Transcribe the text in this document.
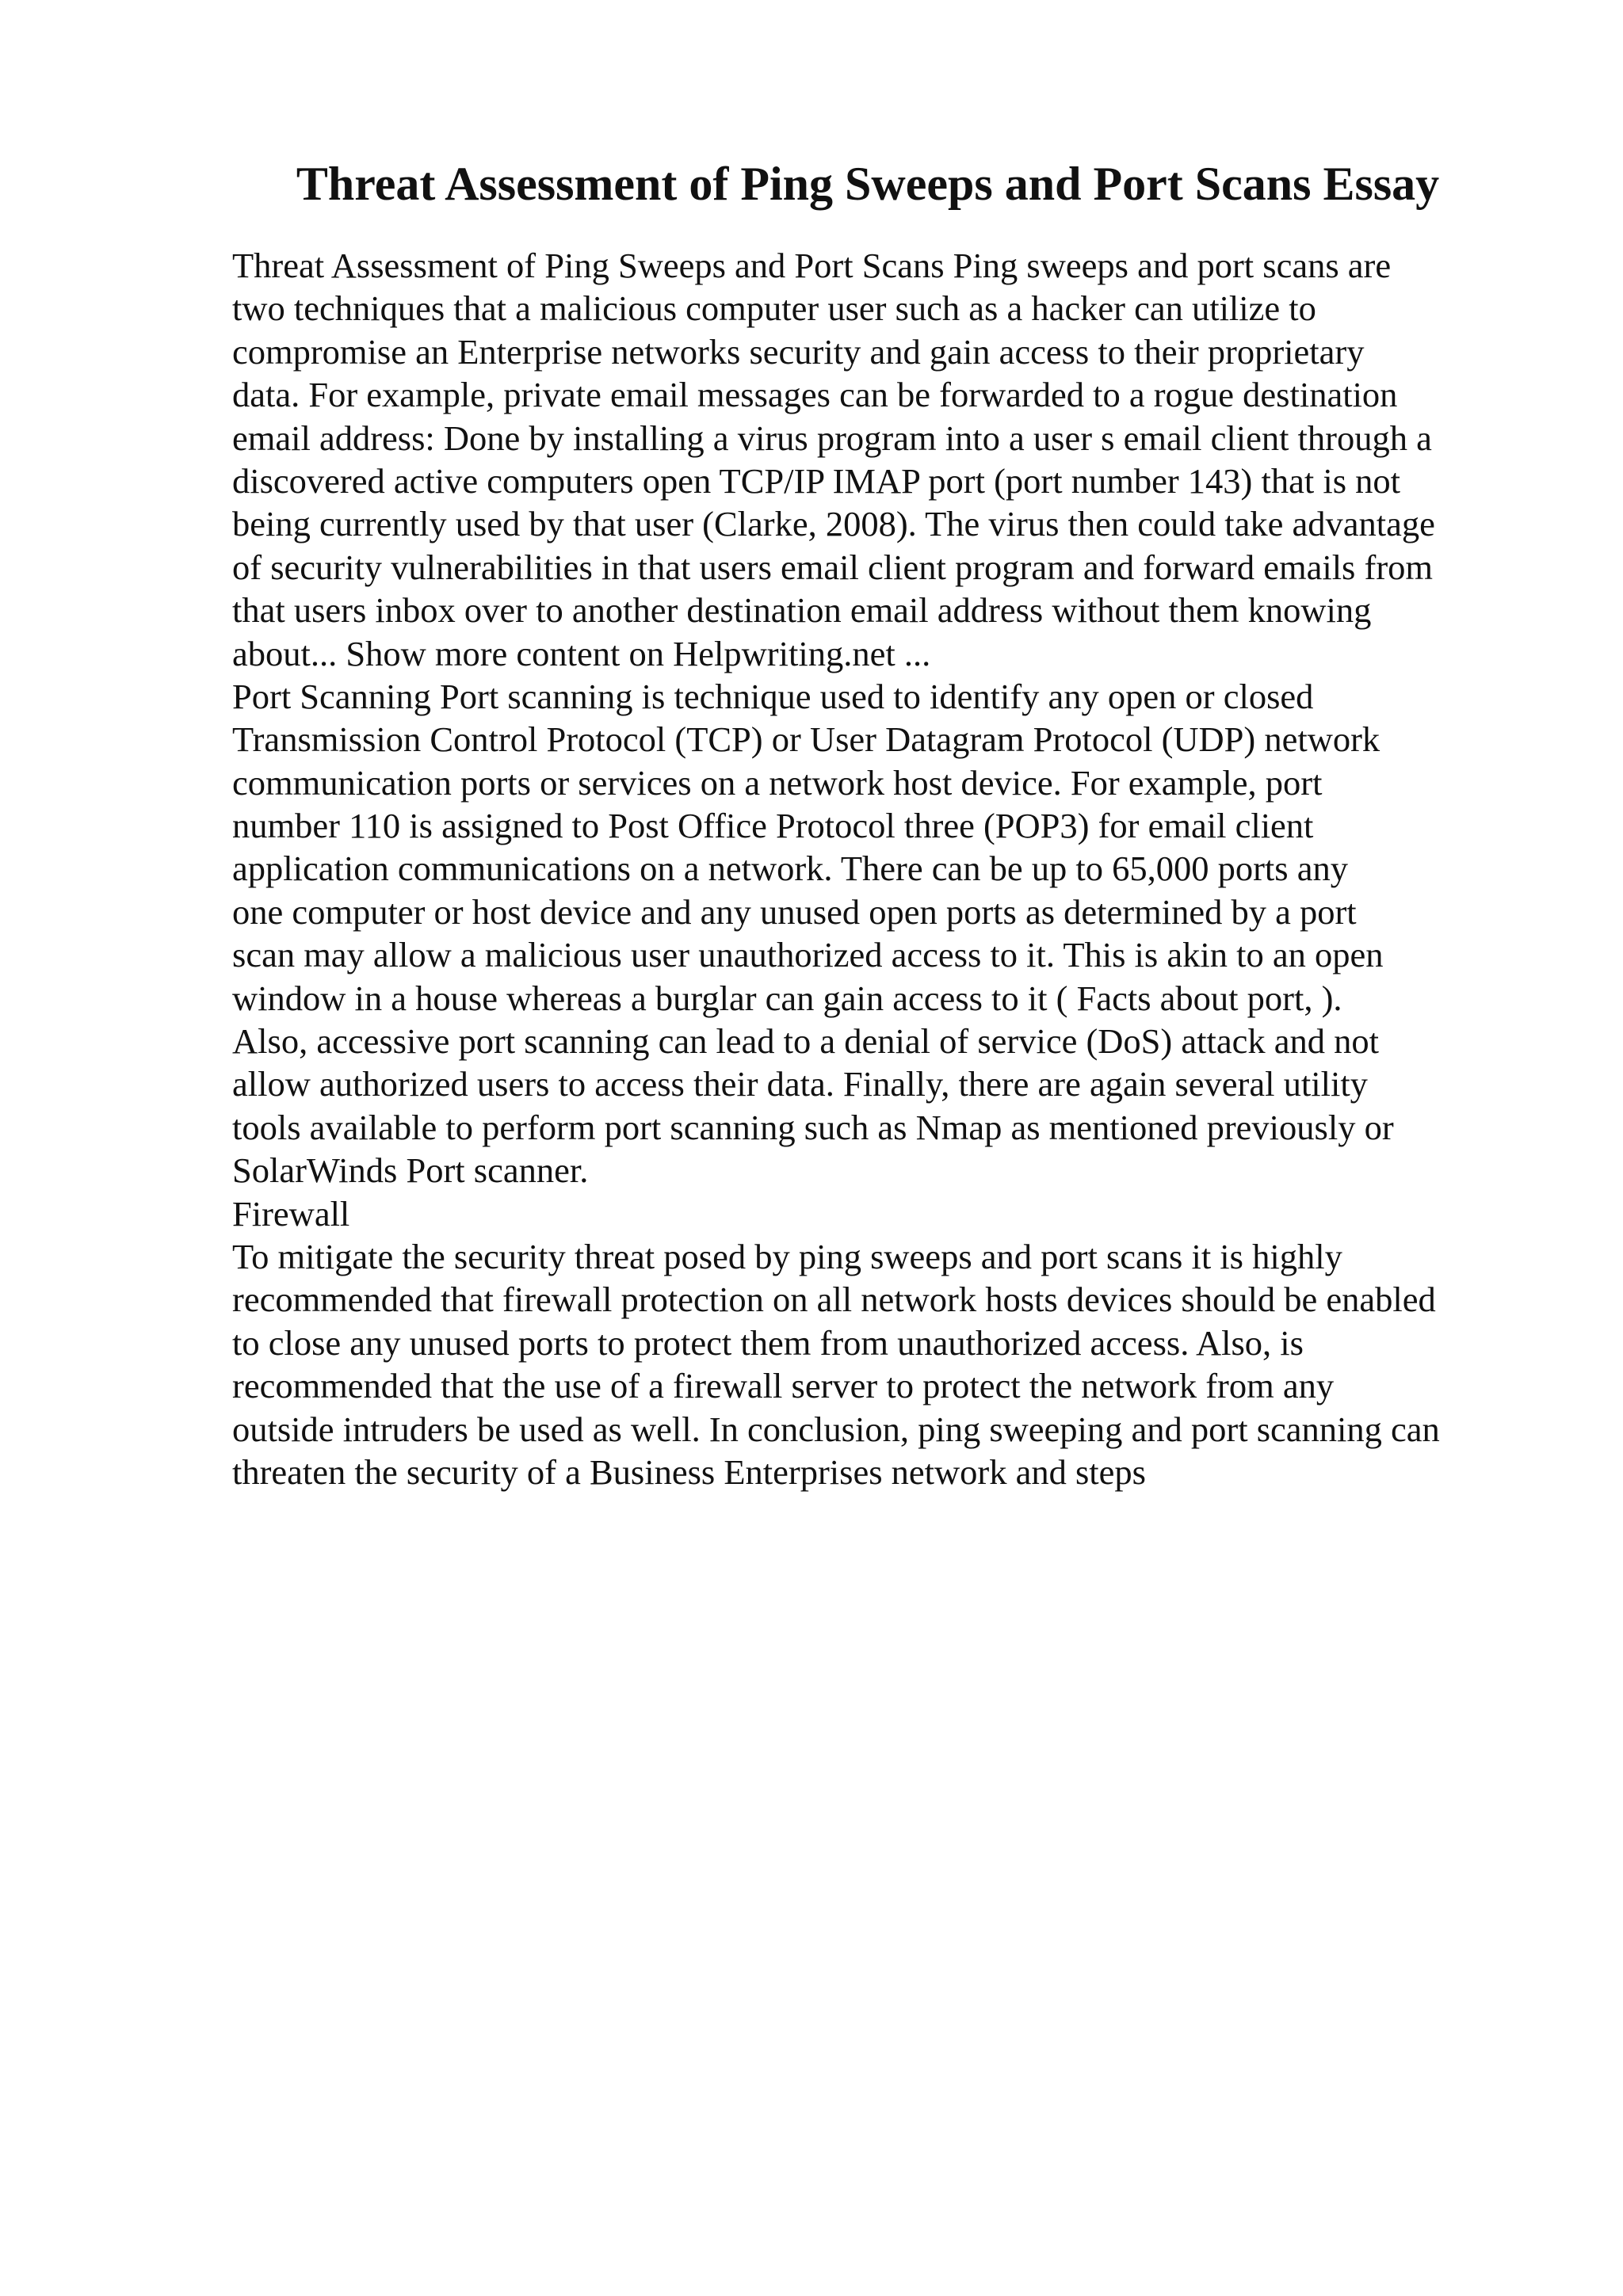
Threat Assessment of Ping Sweeps and Port Scans Essay
Threat Assessment of Ping Sweeps and Port Scans Ping sweeps and port scans are
two techniques that a malicious computer user such as a hacker can utilize to
compromise an Enterprise networks security and gain access to their proprietary
data. For example, private email messages can be forwarded to a rogue destination
email address: Done by installing a virus program into a user s email client through a
discovered active computers open TCP/IP IMAP port (port number 143) that is not
being currently used by that user (Clarke, 2008). The virus then could take advantage
of security vulnerabilities in that users email client program and forward emails from
that users inbox over to another destination email address without them knowing
about... Show more content on Helpwriting.net ...
Port Scanning Port scanning is technique used to identify any open or closed
Transmission Control Protocol (TCP) or User Datagram Protocol (UDP) network
communication ports or services on a network host device. For example, port
number 110 is assigned to Post Office Protocol three (POP3) for email client
application communications on a network. There can be up to 65,000 ports any
one computer or host device and any unused open ports as determined by a port
scan may allow a malicious user unauthorized access to it. This is akin to an open
window in a house whereas a burglar can gain access to it ( Facts about port, ).
Also, accessive port scanning can lead to a denial of service (DoS) attack and not
allow authorized users to access their data. Finally, there are again several utility
tools available to perform port scanning such as Nmap as mentioned previously or
SolarWinds Port scanner.
Firewall
To mitigate the security threat posed by ping sweeps and port scans it is highly
recommended that firewall protection on all network hosts devices should be enabled
to close any unused ports to protect them from unauthorized access. Also, is
recommended that the use of a firewall server to protect the network from any
outside intruders be used as well. In conclusion, ping sweeping and port scanning can
threaten the security of a Business Enterprises network and steps
